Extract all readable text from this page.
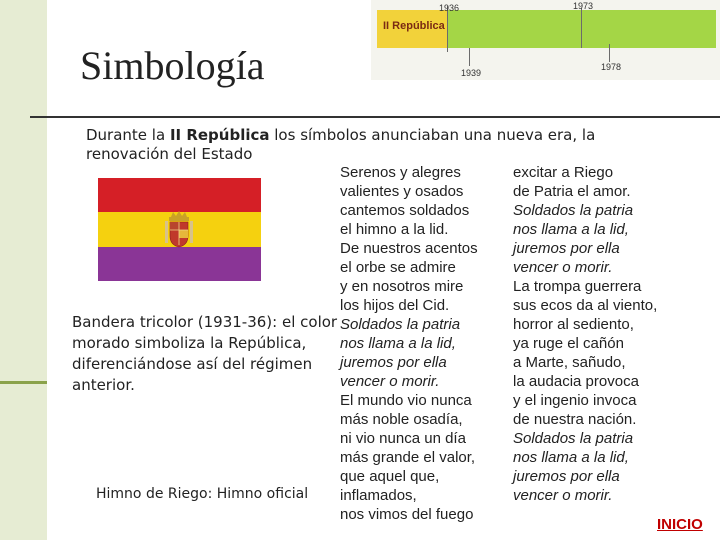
Simbología
II República
1936	1973
1939
1978
Durante la II República los símbolos anunciaban una nueva era, la renovación del Estado
Bandera tricolor (1931-36): el color morado simboliza la República, diferenciándose así del régimen anterior.
Himno de Riego: Himno oficial
Serenos y alegres
valientes y osados
cantemos soldados
el himno a la lid.
De nuestros acentos
el orbe se admire
y en nosotros mire
los hijos del Cid.
Soldados la patria
nos llama a la lid,
juremos por ella
vencer o morir.
El mundo vio nunca
más noble osadía,
ni vio nunca un día
más grande el valor,
que aquel que,
inflamados,
nos vimos del fuego
excitar a Riego
de Patria el amor.
Soldados la patria
nos llama a la lid,
juremos por ella
vencer o morir.
La trompa guerrera
sus ecos da al viento,
horror al sediento,
ya ruge el cañón
a Marte, sañudo,
la audacia provoca
y el ingenio invoca
de nuestra nación.
Soldados la patria
nos llama a la lid,
juremos por ella
vencer o morir.
INICIO
